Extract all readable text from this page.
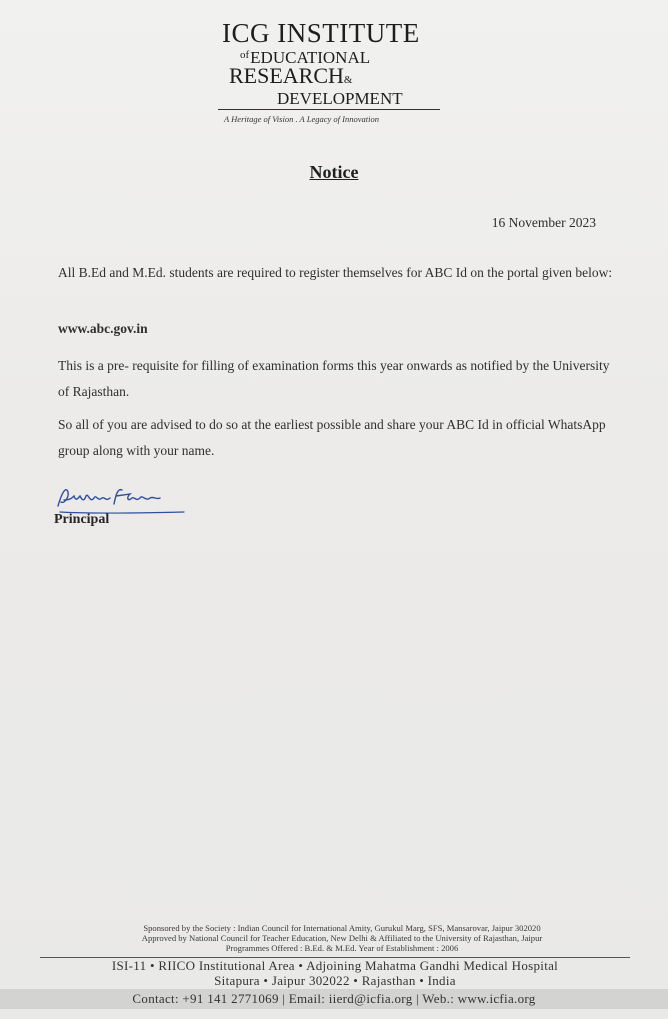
ICG INSTITUTE
$^{of}$EDUCATIONAL
RESEARCH&
DEVELOPMENT
A Heritage of Vision . A Legacy of Innovation
Notice
16 November 2023
All B.Ed and M.Ed. students are required to register themselves for ABC Id on the portal given below:
www.abc.gov.in
This is a pre- requisite for filling of examination forms this year onwards as notified by the University of Rajasthan.
So all of you are advised to do so at the earliest possible and share your ABC Id in official WhatsApp group along with your name.
Principal
Sponsored by the Society : Indian Council for International Amity, Gurukul Marg, SFS, Mansarovar, Jaipur 302020
Approved by National Council for Teacher Education, New Delhi & Affiliated to the University of Rajasthan, Jaipur
Programmes Offered : B.Ed. & M.Ed. Year of Establishment : 2006
ISI-11 • RIICO Institutional Area • Adjoining Mahatma Gandhi Medical Hospital
Sitapura • Jaipur 302022 • Rajasthan • India
Contact: +91 141 2771069 | Email: iierd@icfia.org | Web.: www.icfia.org
